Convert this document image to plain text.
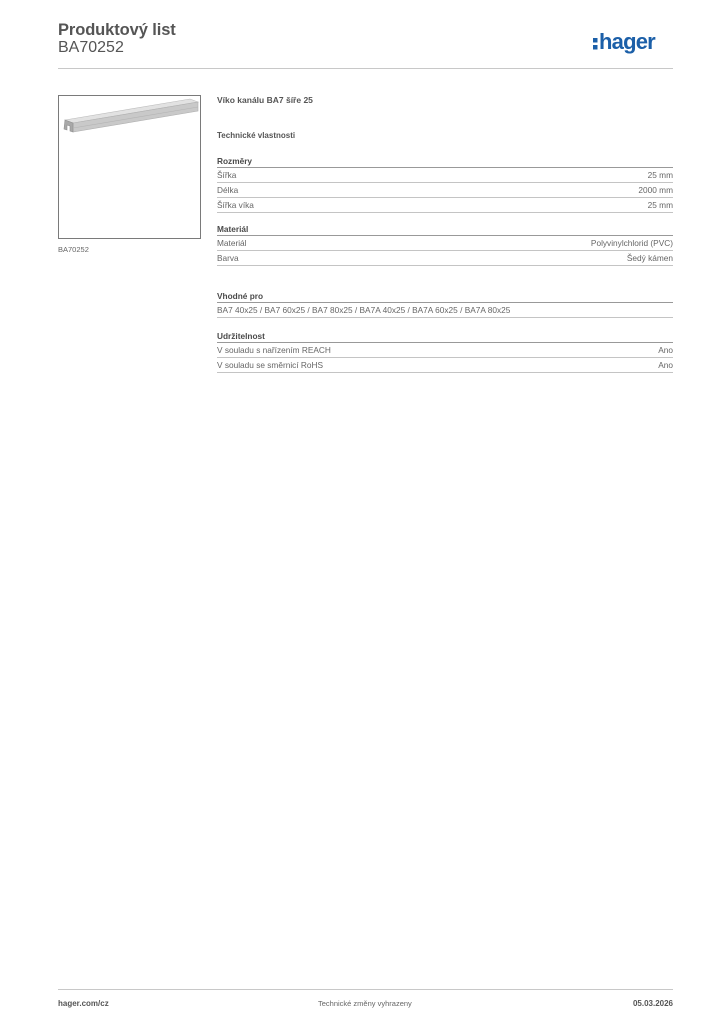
Produktový list
BA70252	hager
BA70252
Víko kanálu BA7 šíře 25
Technické vlastnosti
Rozměry
Šířka	25 mm
Délka	2000 mm
Šířka víka	25 mm
Materiál
Materiál	Polyvinylchlorid (PVC)
Barva	Šedý kámen
Vhodné pro
BA7 40x25 / BA7 60x25 / BA7 80x25 / BA7A 40x25 / BA7A 60x25 / BA7A 80x25
Udržitelnost
V souladu s nařízením REACH	Ano
V souladu se směrnicí RoHS	Ano
hager.com/cz	Technické změny vyhrazeny	05.03.2026
